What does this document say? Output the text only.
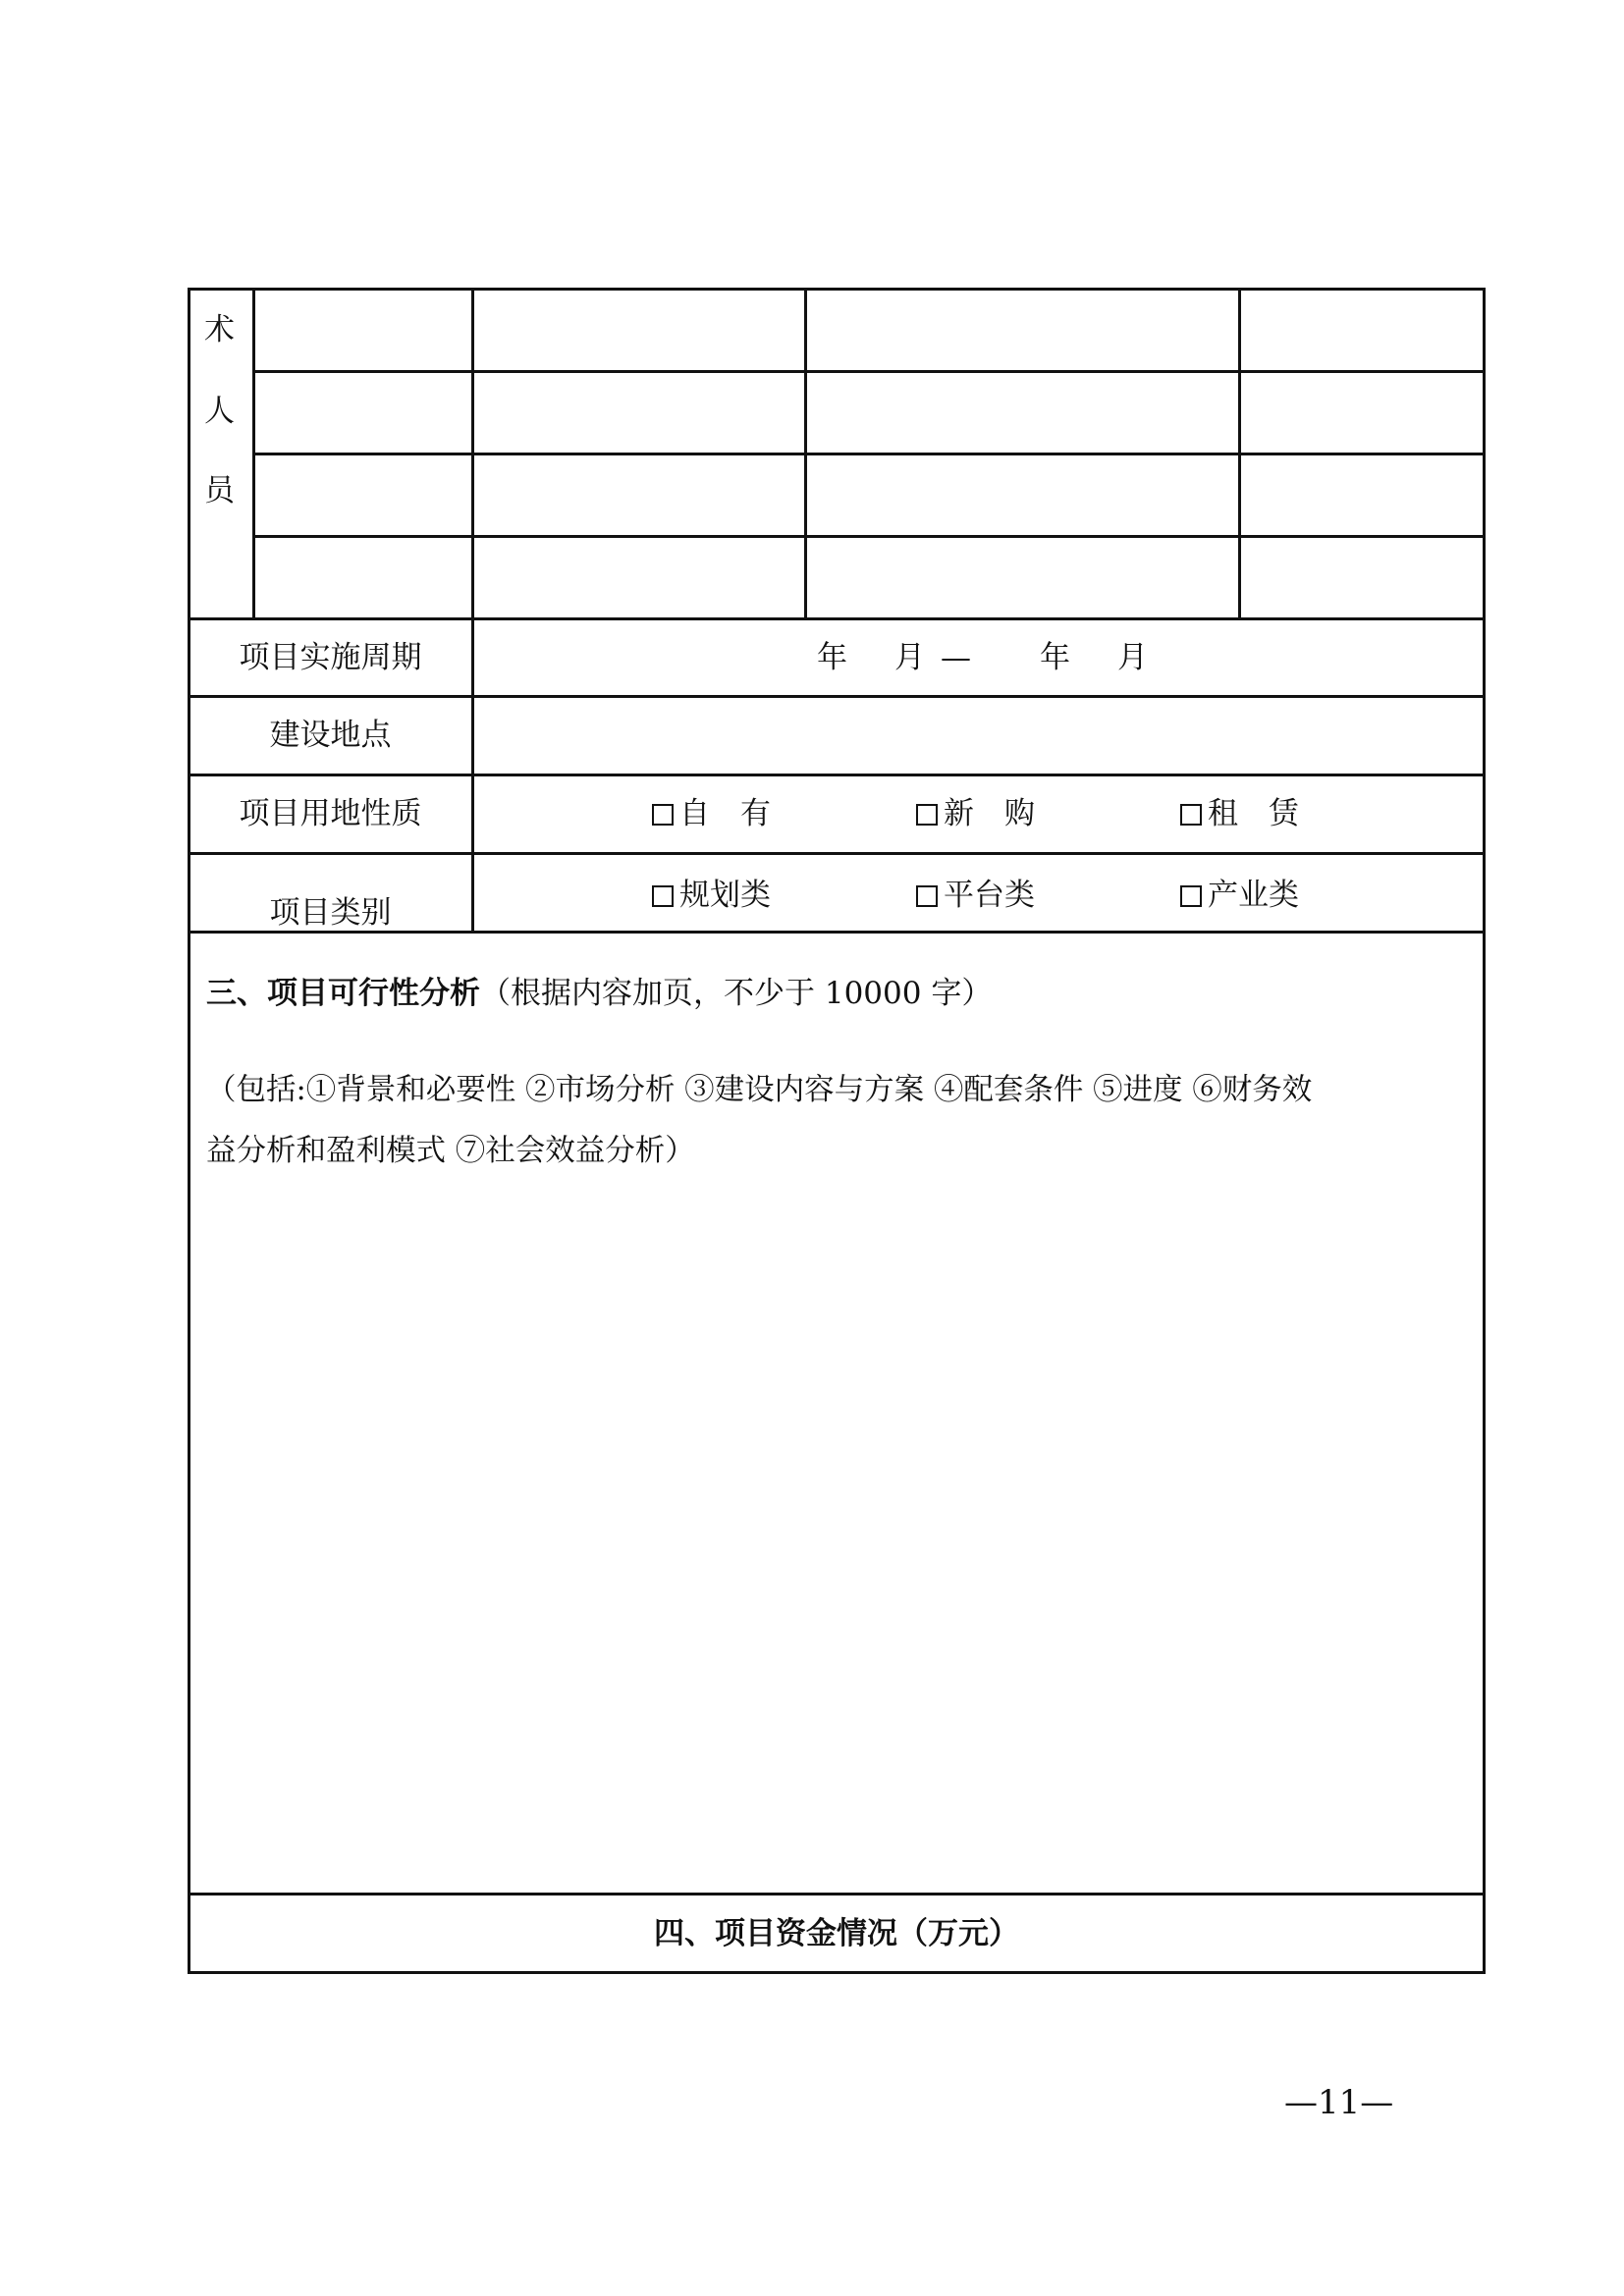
术
人
员
项目实施周期	年 月 — 年 月
建设地点
项目用地性质	自　有	新　购	租　赁
项目类别	规划类	平台类	产业类
三、项目可行性分析（根据内容加页，不少于 10000 字）
（包括:①背景和必要性 ②市场分析 ③建设内容与方案 ④配套条件 ⑤进度 ⑥财务效
益分析和盈利模式 ⑦社会效益分析）
四、项目资金情况（万元）
—11—
